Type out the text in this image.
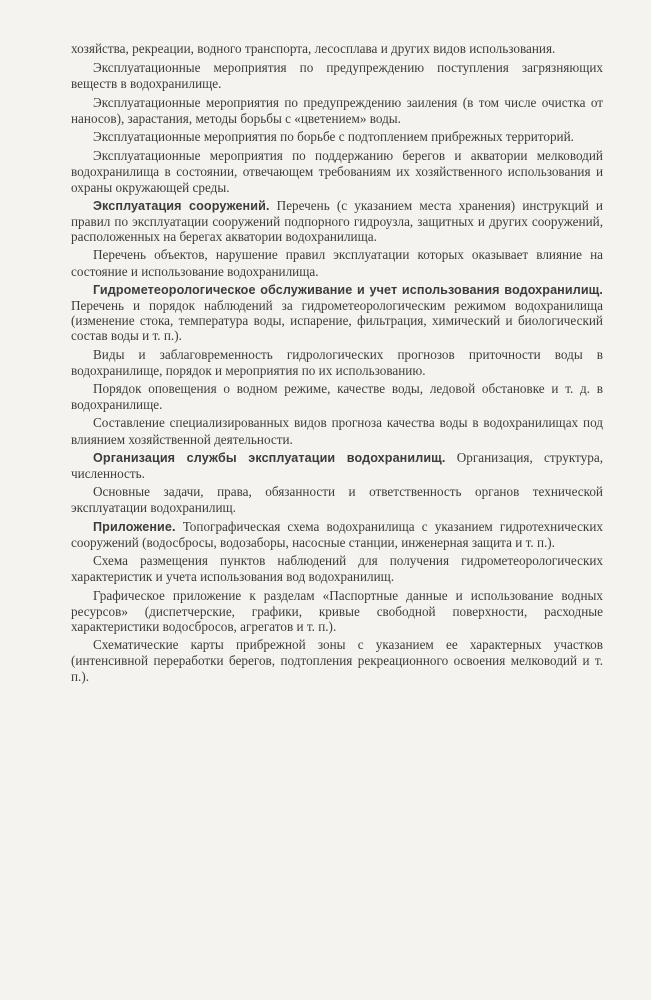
хозяйства, рекреации, водного транспорта, лесосплава и других видов использования.

Эксплуатационные мероприятия по предупреждению поступления загрязняющих веществ в водохранилище.

Эксплуатационные мероприятия по предупреждению заиления (в том числе очистка от наносов), зарастания, методы борьбы с «цветением» воды.

Эксплуатационные мероприятия по борьбе с подтоплением прибрежных территорий.

Эксплуатационные мероприятия по поддержанию берегов и акватории мелководий водохранилища в состоянии, отвечающем требованиям их хозяйственного использования и охраны окружающей среды.

Эксплуатация сооружений. Перечень (с указанием места хранения) инструкций и правил по эксплуатации сооружений подпорного гидроузла, защитных и других сооружений, расположенных на берегах акватории водохранилища.

Перечень объектов, нарушение правил эксплуатации которых оказывает влияние на состояние и использование водохранилища.

Гидрометеорологическое обслуживание и учет использования водохранилищ. Перечень и порядок наблюдений за гидрометеорологическим режимом водохранилища (изменение стока, температура воды, испарение, фильтрация, химический и биологический состав воды и т. п.).

Виды и заблаговременность гидрологических прогнозов приточности воды в водохранилище, порядок и мероприятия по их использованию.

Порядок оповещения о водном режиме, качестве воды, ледовой обстановке и т. д. в водохранилище.

Составление специализированных видов прогноза качества воды в водохранилищах под влиянием хозяйственной деятельности.

Организация службы эксплуатации водохранилищ. Организация, структура, численность.

Основные задачи, права, обязанности и ответственность органов технической эксплуатации водохранилищ.

Приложение. Топографическая схема водохранилища с указанием гидротехнических сооружений (водосбросы, водозаборы, насосные станции, инженерная защита и т. п.).

Схема размещения пунктов наблюдений для получения гидрометеорологических характеристик и учета использования вод водохранилищ.

Графическое приложение к разделам «Паспортные данные и использование водных ресурсов» (диспетчерские, графики, кривые свободной поверхности, расходные характеристики водосбросов, агрегатов и т. п.).

Схематические карты прибрежной зоны с указанием ее характерных участков (интенсивной переработки берегов, подтопления рекреационного освоения мелководий и т. п.).
